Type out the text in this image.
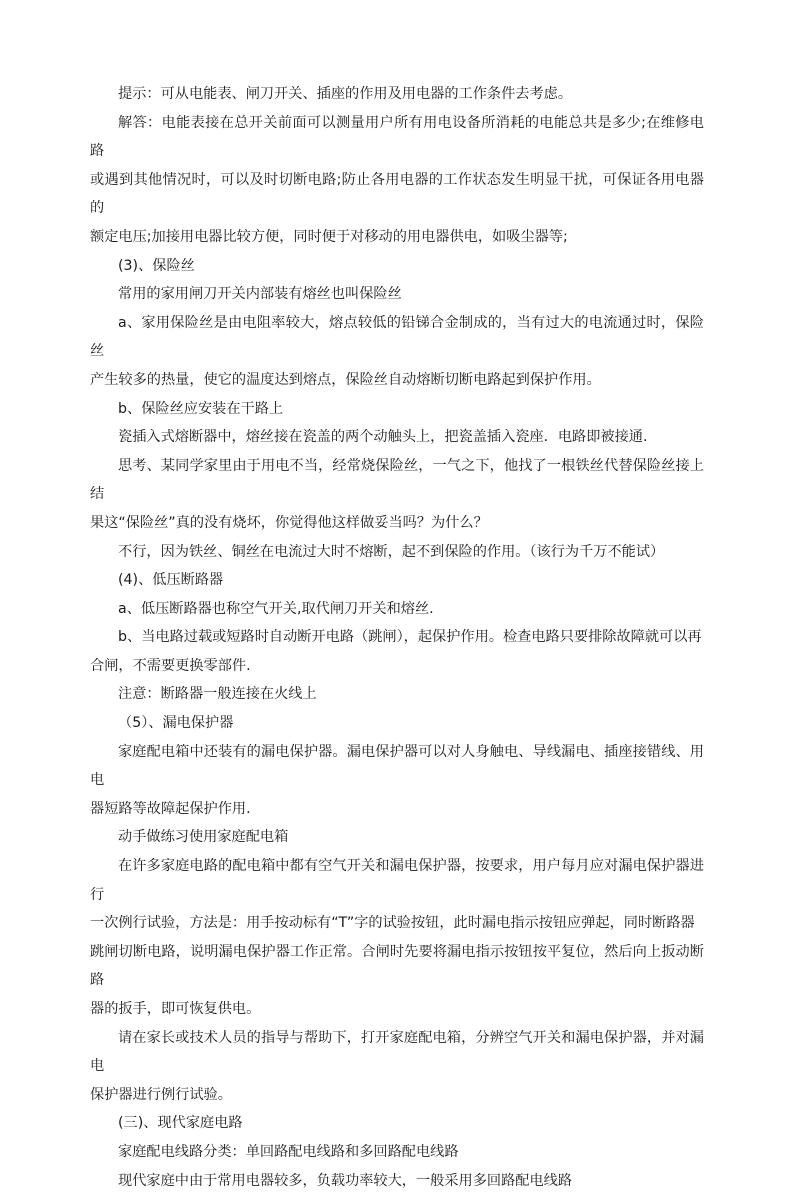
提示：可从电能表、闸刀开关、插座的作用及用电器的工作条件去考虑。

解答：电能表接在总开关前面可以测量用户所有用电设备所消耗的电能总共是多少;在维修电路
或遇到其他情况时，可以及时切断电路;防止各用电器的工作状态发生明显干扰，可保证各用电器的
额定电压;加接用电器比较方便，同时便于对移动的用电器供电，如吸尘器等;

(3)、保险丝

常用的家用闸刀开关内部装有熔丝也叫保险丝

a、家用保险丝是由电阻率较大，熔点较低的铅锑合金制成的，当有过大的电流通过时，保险丝
产生较多的热量，使它的温度达到熔点，保险丝自动熔断切断电路起到保护作用。

b、保险丝应安装在干路上

瓷插入式熔断器中，熔丝接在瓷盖的两个动触头上，把瓷盖插入瓷座．电路即被接通.

思考、某同学家里由于用电不当，经常烧保险丝，一气之下，他找了一根铁丝代替保险丝接上结
果这“保险丝”真的没有烧坏，你觉得他这样做妥当吗？为什么？

不行，因为铁丝、铜丝在电流过大时不熔断，起不到保险的作用。（该行为千万不能试）

(4)、低压断路器

a、低压断路器也称空气开关,取代闸刀开关和熔丝.

b、当电路过载或短路时自动断开电路（跳闸），起保护作用。检查电路只要排除故障就可以再
合闸，不需要更换零部件.

注意：断路器一般连接在火线上

（5）、漏电保护器

家庭配电箱中还装有的漏电保护器。漏电保护器可以对人身触电、导线漏电、插座接错线、用电
器短路等故障起保护作用.

动手做练习使用家庭配电箱

在许多家庭电路的配电箱中都有空气开关和漏电保护器，按要求，用户每月应对漏电保护器进行
一次例行试验，方法是：用手按动标有“T”字的试验按钮，此时漏电指示按钮应弹起，同时断路器
跳闸切断电路，说明漏电保护器工作正常。合闸时先要将漏电指示按钮按平复位，然后向上扳动断路
器的扳手，即可恢复供电。

请在家长或技术人员的指导与帮助下，打开家庭配电箱，分辨空气开关和漏电保护器，并对漏电
保护器进行例行试验。

(三)、现代家庭电路

家庭配电线路分类：单回路配电线路和多回路配电线路

现代家庭中由于常用电器较多，负载功率较大，一般采用多回路配电线路
